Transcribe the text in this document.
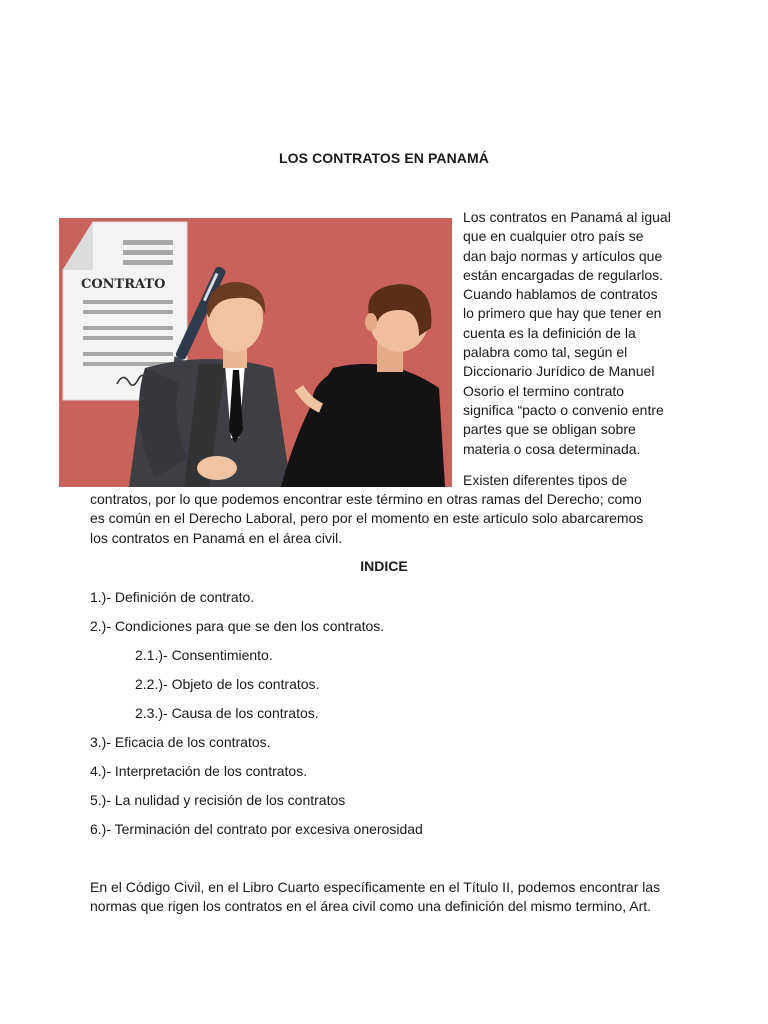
LOS CONTRATOS EN PANAMÁ
CONTRATO
Los contratos en Panamá al igual
que en cualquier otro país se
dan bajo normas y artículos que
están encargadas de regularlos.
Cuando hablamos de contratos
lo primero que hay que tener en
cuenta es la definición de la
palabra como tal, según el
Diccionario Jurídico de Manuel
Osorio el termino contrato
significa “pacto o convenio entre
partes que se obligan sobre
materia o cosa determinada.
Existen diferentes tipos de
contratos, por lo que podemos encontrar este término en otras ramas del Derecho; como
es común en el Derecho Laboral, pero por el momento en este articulo solo abarcaremos
los contratos en Panamá en el área civil.
INDICE
1.)- Definición de contrato.
2.)- Condiciones para que se den los contratos.
2.1.)- Consentimiento.
2.2.)- Objeto de los contratos.
2.3.)- Causa de los contratos.
3.)- Eficacia de los contratos.
4.)- Interpretación de los contratos.
5.)- La nulidad y recisión de los contratos
6.)- Terminación del contrato por excesiva onerosidad
En el Código Civil, en el Libro Cuarto específicamente en el Título II, podemos encontrar las
normas que rigen los contratos en el área civil como una definición del mismo termino, Art.
